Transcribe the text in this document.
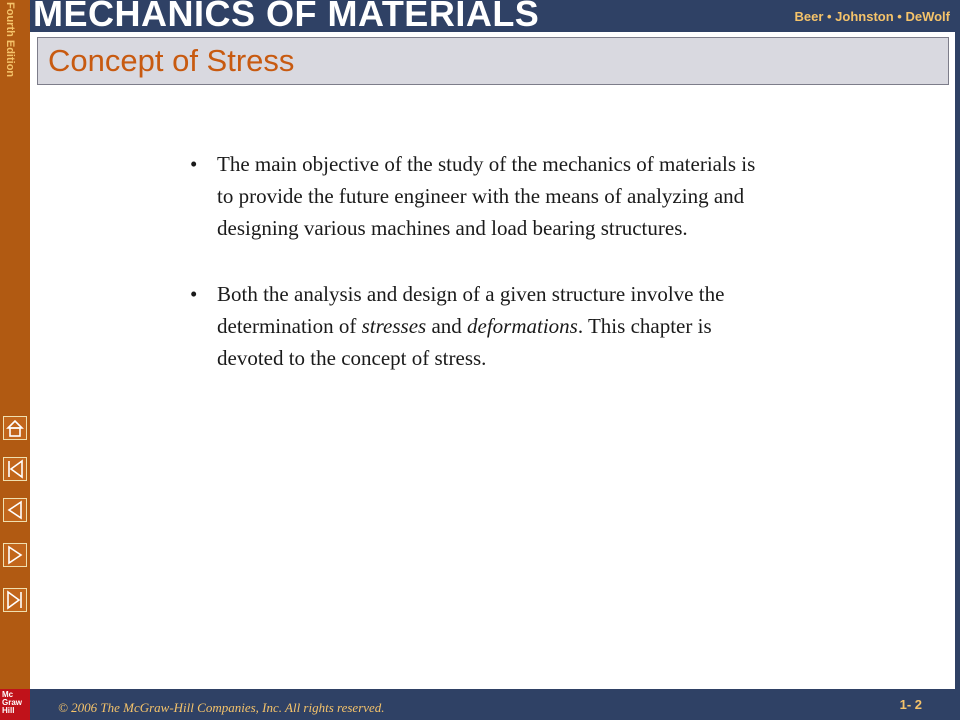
Fourth Edition MECHANICS OF MATERIALS	Beer • Johnston • DeWolf
Concept of Stress
• The main objective of the study of the mechanics of materials is to provide the future engineer with the means of analyzing and designing various machines and load bearing structures.
• Both the analysis and design of a given structure involve the determination of stresses and deformations. This chapter is devoted to the concept of stress.
Mc
Graw
Hill	© 2006 The McGraw-Hill Companies, Inc. All rights reserved.	1- 2
